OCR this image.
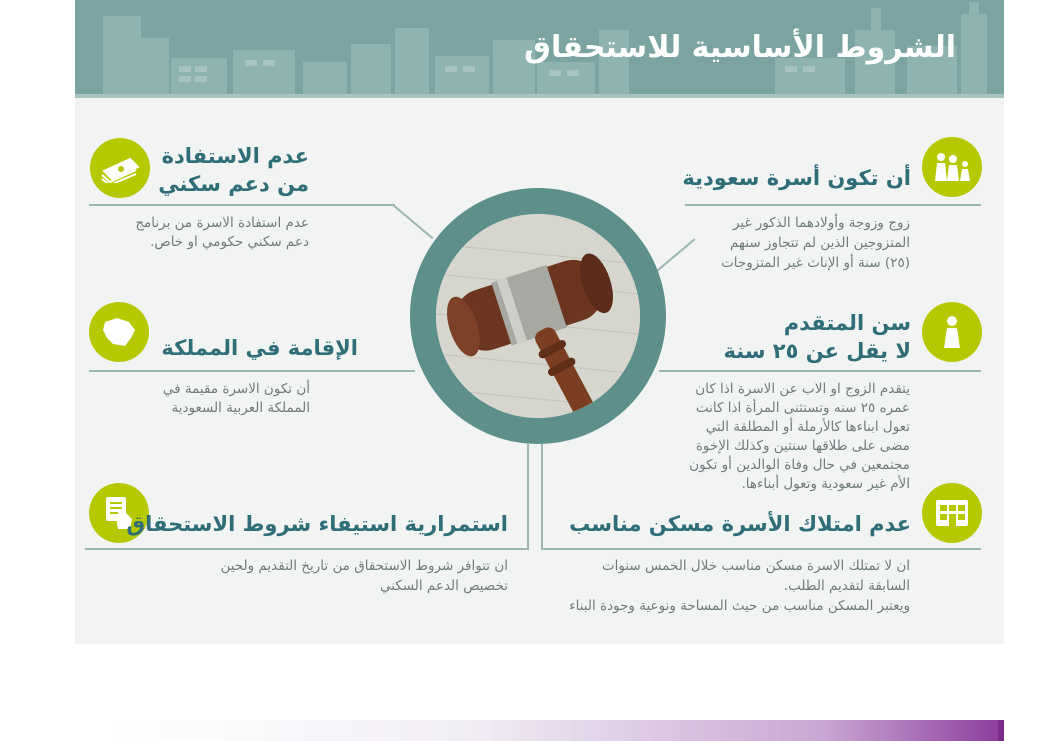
الشروط الأساسية للاستحقاق
أن تكون أسرة سعودية
زوج وزوجة وأولادهما الذكور غير
المتزوجين الذين لم تتجاوز سنهم
(٢٥) سنة أو الإناث غير المتزوجات
عدم الاستفادة
من دعم سكني
عدم استفادة الاسرة من برنامج
دعم سكني حكومي او خاص.
سن المتقدم
لا يقل عن ٢٥ سنة
يتقدم الزوج او الاب عن الاسرة اذا كان
عمره ٢٥ سنه وتستثنى المرأة اذا كانت
تعول ابناءها كالأرملة أو المطلقة التي
مضى على طلاقها سنتين وكذلك الإخوة
مجتمعين في حال وفاة الوالدين أو تكون
الأم غير سعودية وتعول أبناءها.
الإقامة في المملكة
أن تكون الاسرة مقيمة في
المملكة العربية السعودية
عدم امتلاك الأسرة مسكن مناسب
ان لا تمتلك الاسرة مسكن مناسب خلال الخمس سنوات
السابقة لتقديم الطلب.
ويعتبر المسكن مناسب من حيث المساحة ونوعية وجودة البناء
استمرارية استيفاء شروط الاستحقاق
ان تتوافر شروط الاستحقاق من تاريخ التقديم ولحين
تخصيص الدعم السكني
